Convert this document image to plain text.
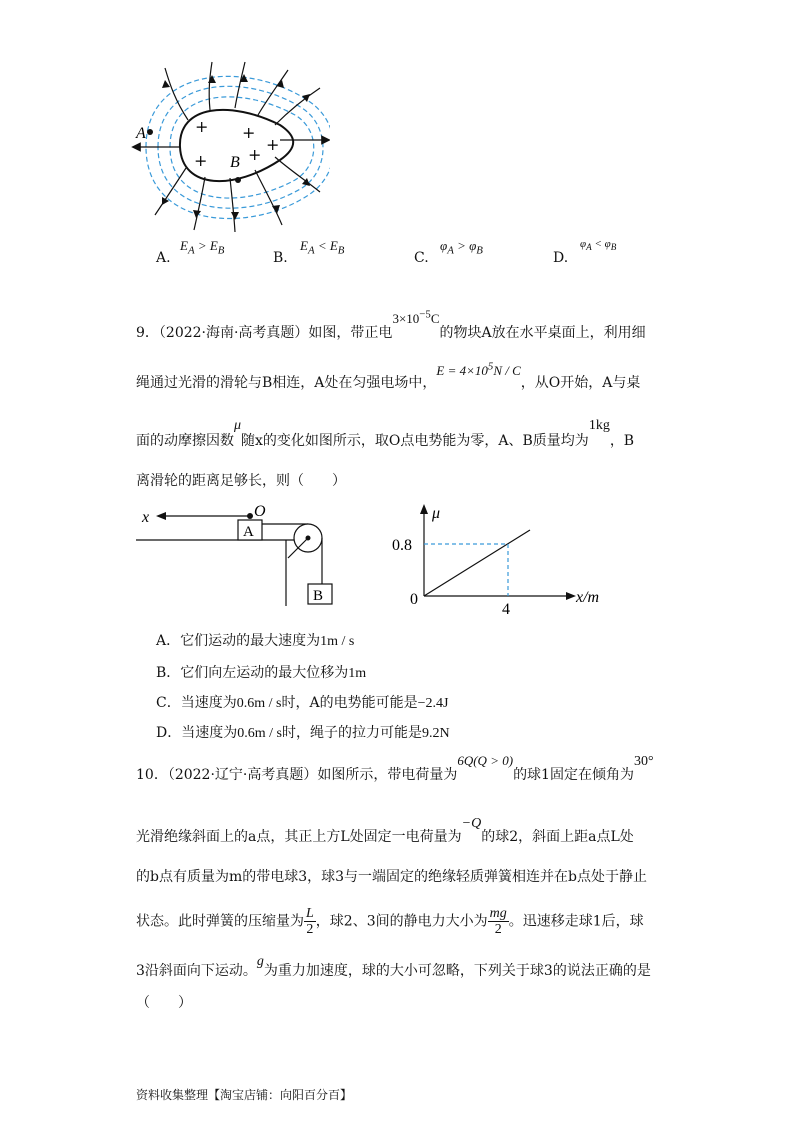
A
B
+ +
+
+	+
A.
$E_A > E_B$	B.
$E_A < E_B$	C.
$\varphi_A > \varphi_B$	D.
$\varphi_A < \varphi_B$
9．（2022·海南·高考真题）如图，带正电$3\times 10^{-5}C$的物块A放在水平桌面上，利用细
绳通过光滑的滑轮与B相连，A处在匀强电场中，$E = 4\times 10^5N / C$，从O开始，A与桌
面的动摩擦因数μ随x的变化如图所示，取O点电势能为零，A、B质量均为1kg，B
离滑轮的距离足够长，则（　　）
x	O
A
B
μ
0.8
0
4
x/m
A．它们运动的最大速度为1m / s
B．它们向左运动的最大位移为1m
C．当速度为0.6m / s时，A的电势能可能是−2.4J
D．当速度为0.6m / s时，绳子的拉力可能是9.2N
10．（2022·辽宁·高考真题）如图所示，带电荷量为6Q(Q > 0)的球1固定在倾角为30°
光滑绝缘斜面上的a点，其正上方L处固定一电荷量为−Q的球2，斜面上距a点L处
的b点有质量为m的带电球3，球3与一端固定的绝缘轻质弹簧相连并在b点处于静止
状态。此时弹簧的压缩量为 $\frac{L}{2}$ ，球2、3间的静电力大小为 $\frac{mg}{2}$ 。迅速移走球1后，球
3沿斜面向下运动。g为重力加速度，球的大小可忽略，下列关于球3的说法正确的是
（　　）
资料收集整理【淘宝店铺：向阳百分百】
